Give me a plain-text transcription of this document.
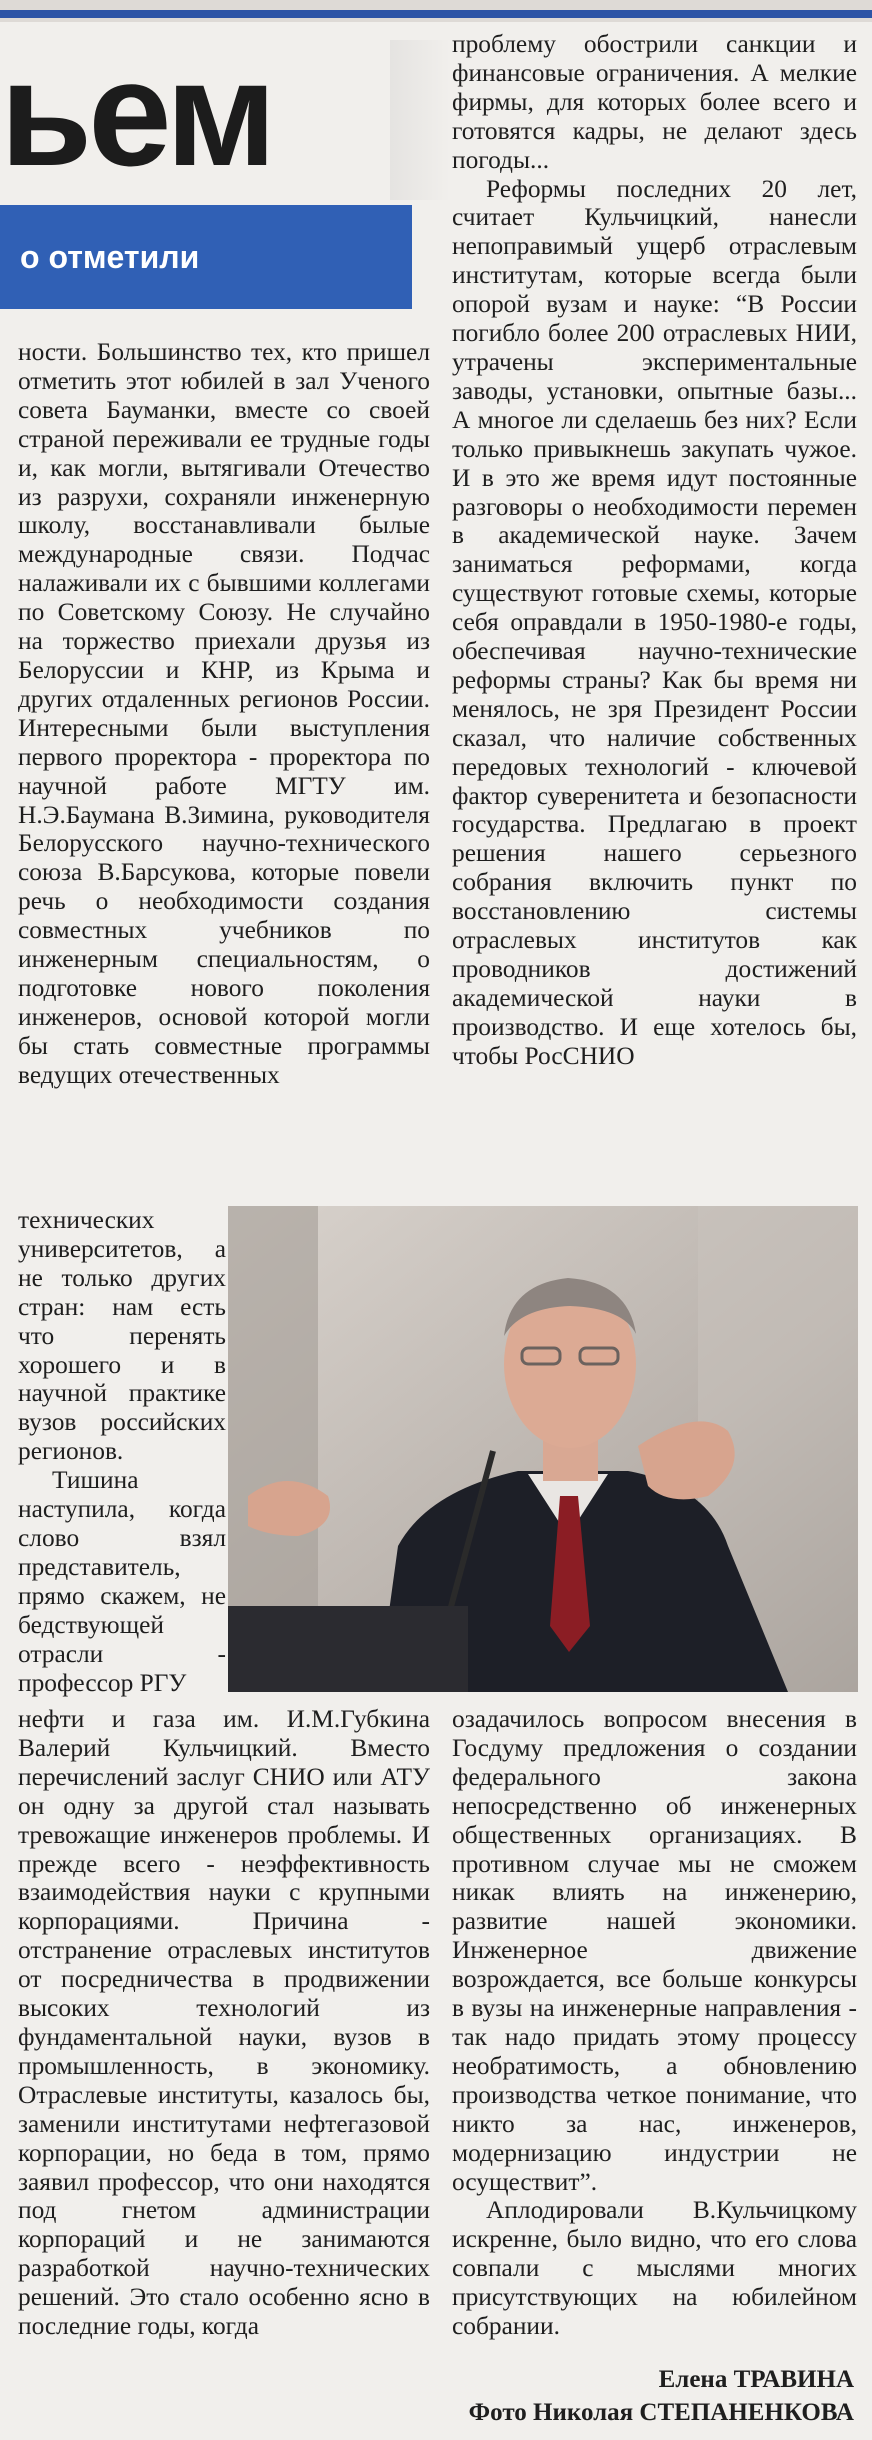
ьем
о отметили

ности. Большинство тех, кто пришел отметить этот юбилей в зал Ученого совета Бауманки, вместе со своей страной переживали ее трудные годы и, как могли, вытягивали Отечество из разрухи, сохраняли инженерную школу, восстанавливали былые международные связи. Подчас налаживали их с бывшими коллегами по Советскому Союзу. Не случайно на торжество приехали друзья из Белоруссии и КНР, из Крыма и других отдаленных регионов России. Интересными были выступления первого проректора - проректора по научной работе МГТУ им. Н.Э.Баумана В.Зимина, руководителя Белорусского научно-технического союза В.Барсукова, которые повели речь о необходимости создания совместных учебников по инженерным специальностям, о подготовке нового поколения инженеров, основой которой могли бы стать совместные программы ведущих отечественных

технических университетов, а не только других стран: нам есть что перенять хорошего и в научной практике вузов российских регионов.

Тишина наступила, когда слово взял представитель, прямо скажем, не бедствующей отрасли - профессор РГУ

нефти и газа им. И.М.Губкина Валерий Кульчицкий. Вместо перечислений заслуг СНИО или АТУ он одну за другой стал называть тревожащие инженеров проблемы. И прежде всего - неэффективность взаимодействия науки с крупными корпорациями. Причина - отстранение отраслевых институтов от посредничества в продвижении высоких технологий из фундаментальной науки, вузов в промышленность, в экономику. Отраслевые институты, казалось бы, заменили институтами нефтегазовой корпорации, но беда в том, прямо заявил профессор, что они находятся под гнетом администрации корпораций и не занимаются разработкой научно-технических решений. Это стало особенно ясно в последние годы, когда

проблему обострили санкции и финансовые ограничения. А мелкие фирмы, для которых более всего и готовятся кадры, не делают здесь погоды...

Реформы последних 20 лет, считает Кульчицкий, нанесли непоправимый ущерб отраслевым институтам, которые всегда были опорой вузам и науке: “В России погибло более 200 отраслевых НИИ, утрачены экспериментальные заводы, установки, опытные базы... А многое ли сделаешь без них? Если только привыкнешь закупать чужое. И в это же время идут постоянные разговоры о необходимости перемен в академической науке. Зачем заниматься реформами, когда существуют готовые схемы, которые себя оправдали в 1950-1980-е годы, обеспечивая научно-технические реформы страны? Как бы время ни менялось, не зря Президент России сказал, что наличие собственных передовых технологий - ключевой фактор суверенитета и безопасности государства. Предлагаю в проект решения нашего серьезного собрания включить пункт по восстановлению системы отраслевых институтов как проводников достижений академической науки в производство. И еще хотелось бы, чтобы РосСНИО

озадачилось вопросом внесения в Госдуму предложения о создании федерального закона непосредственно об инженерных общественных организациях. В противном случае мы не сможем никак влиять на инженерию, развитие нашей экономики. Инженерное движение возрождается, все больше конкурсы в вузы на инженерные направления - так надо придать этому процессу необратимость, а обновлению производства четкое понимание, что никто за нас, инженеров, модернизацию индустрии не осуществит”.

Аплодировали В.Кульчицкому искренне, было видно, что его слова совпали с мыслями многих присутствующих на юбилейном собрании.

Елена ТРАВИНА
Фото Николая СТЕПАНЕНКОВА
